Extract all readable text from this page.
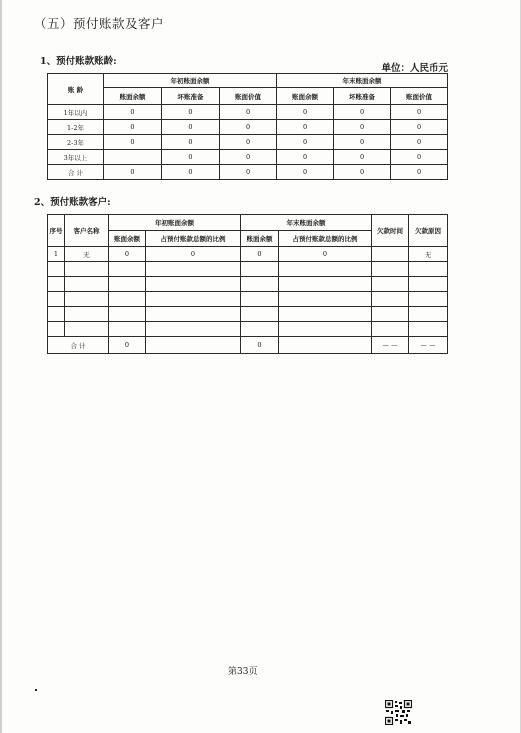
（五）预付账款及客户
1、预付账款账龄:
单位：人民币元
账 龄	年初账面余额			年末账面余额		
	账面余额	坏账准备	账面价值	账面余额	坏账准备	账面价值
1年以内	0	0	0	0	0	0
1-2年	0	0	0	0	0	0
2-3年	0	0	0	0	0	0
3年以上		0	0	0	0	0
合 计	0	0	0	0	0	0
2、预付账款客户:
序号	客户名称	年初账面余额		年末账面余额		欠款时间	欠款原因
		账面余额	占预付账款总额的比例	账面余额	占预付账款总额的比例		
1	无	0	0	0	0		无

合 计		0		0		— —	— —
第33页
